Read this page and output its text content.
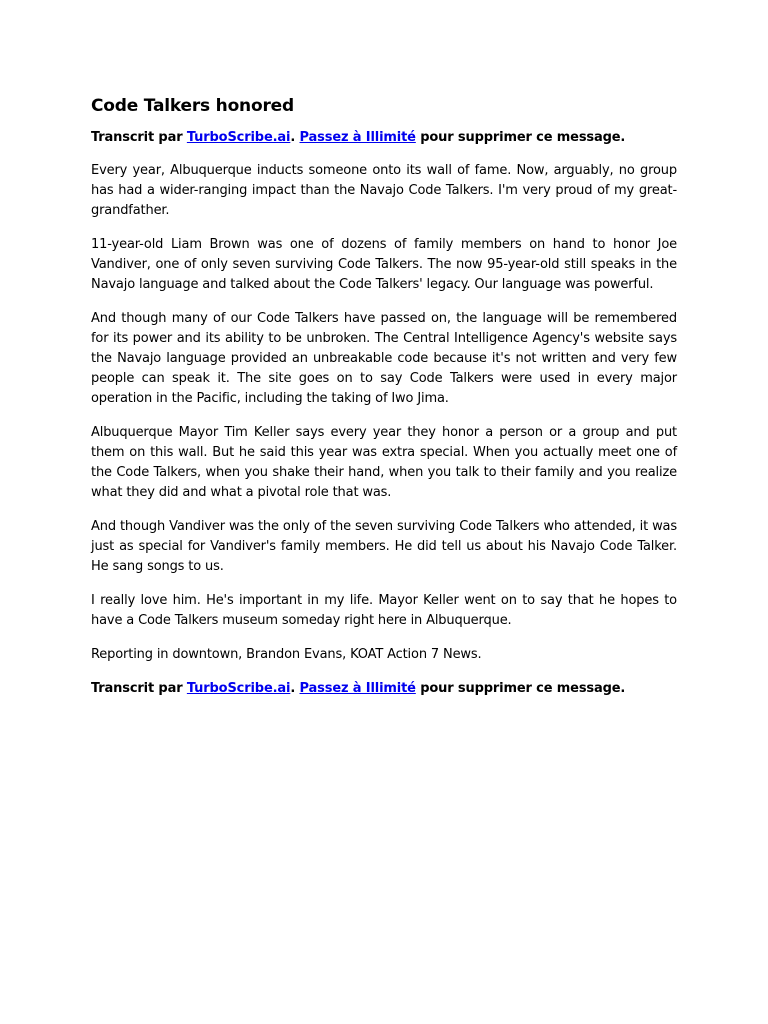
Code Talkers honored

Transcrit par TurboScribe.ai. Passez à Illimité pour supprimer ce message.

Every year, Albuquerque inducts someone onto its wall of fame. Now, arguably, no group has had a wider-ranging impact than the Navajo Code Talkers. I'm very proud of my great-grandfather.

11-year-old Liam Brown was one of dozens of family members on hand to honor Joe Vandiver, one of only seven surviving Code Talkers. The now 95-year-old still speaks in the Navajo language and talked about the Code Talkers' legacy. Our language was powerful.

And though many of our Code Talkers have passed on, the language will be remembered for its power and its ability to be unbroken. The Central Intelligence Agency's website says the Navajo language provided an unbreakable code because it's not written and very few people can speak it. The site goes on to say Code Talkers were used in every major operation in the Pacific, including the taking of Iwo Jima.

Albuquerque Mayor Tim Keller says every year they honor a person or a group and put them on this wall. But he said this year was extra special. When you actually meet one of the Code Talkers, when you shake their hand, when you talk to their family and you realize what they did and what a pivotal role that was.

And though Vandiver was the only of the seven surviving Code Talkers who attended, it was just as special for Vandiver's family members. He did tell us about his Navajo Code Talker. He sang songs to us.

I really love him. He's important in my life. Mayor Keller went on to say that he hopes to have a Code Talkers museum someday right here in Albuquerque.

Reporting in downtown, Brandon Evans, KOAT Action 7 News.

Transcrit par TurboScribe.ai. Passez à Illimité pour supprimer ce message.
